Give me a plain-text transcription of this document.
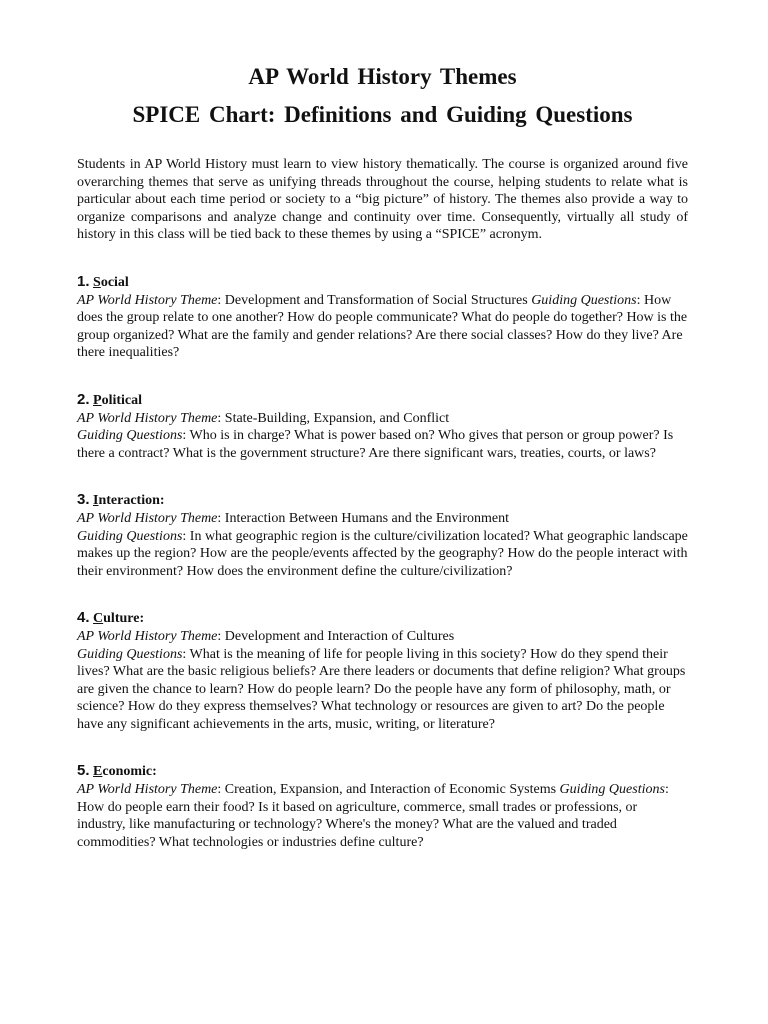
AP World History Themes
SPICE Chart: Definitions and Guiding Questions

Students in AP World History must learn to view history thematically. The course is organized around five overarching themes that serve as unifying threads throughout the course, helping students to relate what is particular about each time period or society to a “big picture” of history. The themes also provide a way to organize comparisons and analyze change and continuity over time. Consequently, virtually all study of history in this class will be tied back to these themes by using a “SPICE” acronym.

1. Social

AP World History Theme: Development and Transformation of Social Structures Guiding Questions: How does the group relate to one another? How do people communicate? What do people do together? How is the group organized? What are the family and gender relations? Are there social classes? How do they live? Are there inequalities?

2. Political

AP World History Theme: State-Building, Expansion, and Conflict

Guiding Questions: Who is in charge? What is power based on? Who gives that person or group power? Is there a contract? What is the government structure? Are there significant wars, treaties, courts, or laws?

3. Interaction:

AP World History Theme: Interaction Between Humans and the Environment

Guiding Questions: In what geographic region is the culture/civilization located? What geographic landscape makes up the region? How are the people/events affected by the geography? How do the people interact with their environment? How does the environment define the culture/civilization?

4. Culture:

AP World History Theme: Development and Interaction of Cultures

Guiding Questions: What is the meaning of life for people living in this society? How do they spend their lives? What are the basic religious beliefs? Are there leaders or documents that define religion? What groups are given the chance to learn? How do people learn? Do the people have any form of philosophy, math, or science? How do they express themselves? What technology or resources are given to art? Do the people have any significant achievements in the arts, music, writing, or literature?

5. Economic:

AP World History Theme: Creation, Expansion, and Interaction of Economic Systems Guiding Questions: How do people earn their food? Is it based on agriculture, commerce, small trades or professions, or industry, like manufacturing or technology? Where's the money? What are the valued and traded commodities? What technologies or industries define culture?
